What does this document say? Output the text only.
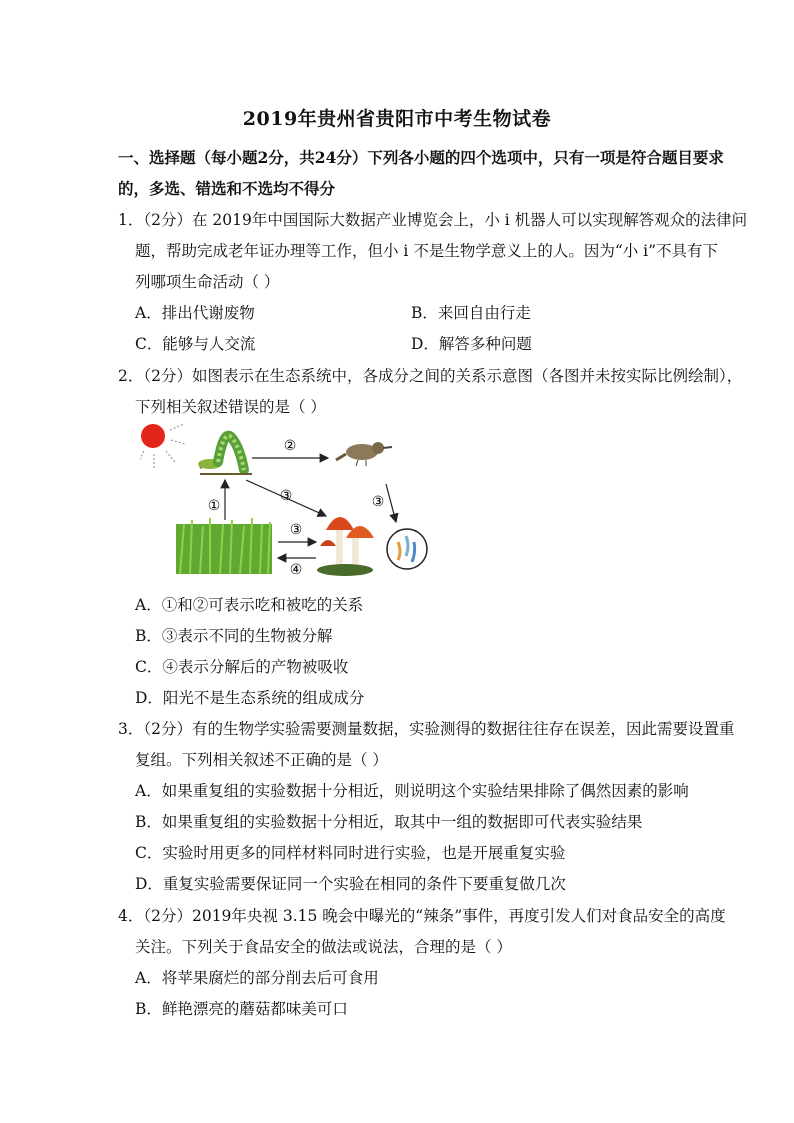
2019年贵州省贵阳市中考生物试卷
一、选择题（每小题2分，共24分）下列各小题的四个选项中，只有一项是符合题目要求
的，多选、错选和不选均不得分
1．（2分）在 2019年中国国际大数据产业博览会上，小 i 机器人可以实现解答观众的法律问
题，帮助完成老年证办理等工作，但小 i 不是生物学意义上的人。因为“小 i”不具有下
列哪项生命活动（ ）
A．排出代谢废物	B．来回自由行走
C．能够与人交流	D．解答多种问题
2．（2分）如图表示在生态系统中，各成分之间的关系示意图（各图并未按实际比例绘制），
下列相关叙述错误的是（ ）
②
③
①	③
③
④
A．①和②可表示吃和被吃的关系
B．③表示不同的生物被分解
C．④表示分解后的产物被吸收
D．阳光不是生态系统的组成成分
3．（2分）有的生物学实验需要测量数据，实验测得的数据往往存在误差，因此需要设置重
复组。下列相关叙述不正确的是（ ）
A．如果重复组的实验数据十分相近，则说明这个实验结果排除了偶然因素的影响
B．如果重复组的实验数据十分相近，取其中一组的数据即可代表实验结果
C．实验时用更多的同样材料同时进行实验，也是开展重复实验
D．重复实验需要保证同一个实验在相同的条件下要重复做几次
4．（2分）2019年央视 3.15 晚会中曝光的“辣条”事件，再度引发人们对食品安全的高度
关注。下列关于食品安全的做法或说法，合理的是（ ）
A．将苹果腐烂的部分削去后可食用
B．鲜艳漂亮的蘑菇都味美可口
